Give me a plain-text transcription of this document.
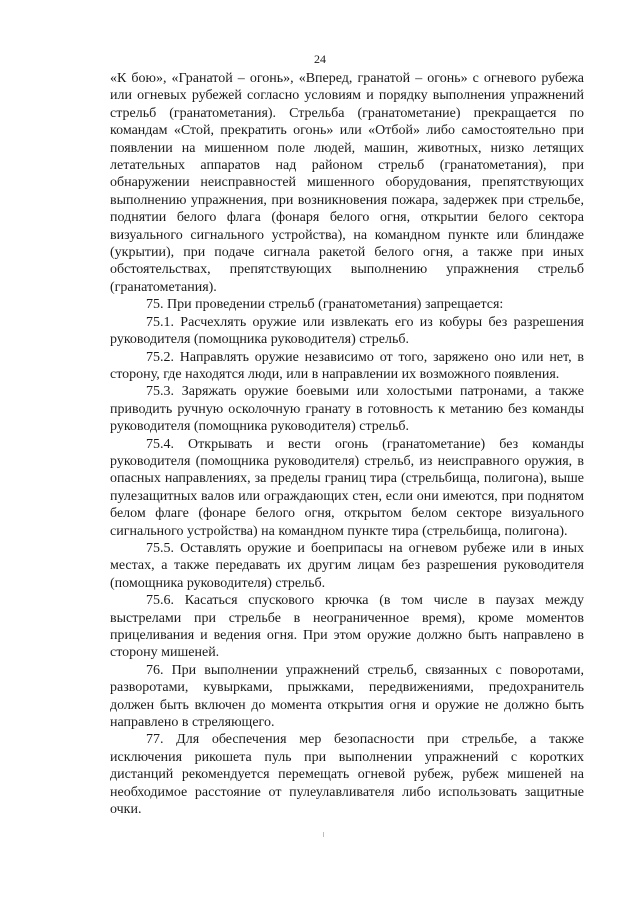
24

«К бою», «Гранатой – огонь», «Вперед, гранатой – огонь» с огневого рубежа или огневых рубежей согласно условиям и порядку выполнения упражнений стрельб (гранатометания). Стрельба (гранатометание) прекращается по командам «Стой, прекратить огонь» или «Отбой» либо самостоятельно при появлении на мишенном поле людей, машин, животных, низко летящих летательных аппаратов над районом стрельб (гранатометания), при обнаружении неисправностей мишенного оборудования, препятствующих выполнению упражнения, при возникновения пожара, задержек при стрельбе, поднятии белого флага (фонаря белого огня, открытии белого сектора визуального сигнального устройства), на командном пункте или блиндаже (укрытии), при подаче сигнала ракетой белого огня, а также при иных обстоятельствах, препятствующих выполнению упражнения стрельб (гранатометания).

75. При проведении стрельб (гранатометания) запрещается:

75.1. Расчехлять оружие или извлекать его из кобуры без разрешения руководителя (помощника руководителя) стрельб.

75.2. Направлять оружие независимо от того, заряжено оно или нет, в сторону, где находятся люди, или в направлении их возможного появления.

75.3. Заряжать оружие боевыми или холостыми патронами, а также приводить ручную осколочную гранату в готовность к метанию без команды руководителя (помощника руководителя) стрельб.

75.4. Открывать и вести огонь (гранатометание) без команды руководителя (помощника руководителя) стрельб, из неисправного оружия, в опасных направлениях, за пределы границ тира (стрельбища, полигона), выше пулезащитных валов или ограждающих стен, если они имеются, при поднятом белом флаге (фонаре белого огня, открытом белом секторе визуального сигнального устройства) на командном пункте тира (стрельбища, полигона).

75.5. Оставлять оружие и боеприпасы на огневом рубеже или в иных местах, а также передавать их другим лицам без разрешения руководителя (помощника руководителя) стрельб.

75.6. Касаться спускового крючка (в том числе в паузах между выстрелами при стрельбе в неограниченное время), кроме моментов прицеливания и ведения огня. При этом оружие должно быть направлено в сторону мишеней.

76. При выполнении упражнений стрельб, связанных с поворотами, разворотами, кувырками, прыжками, передвижениями, предохранитель должен быть включен до момента открытия огня и оружие не должно быть направлено в стреляющего.

77. Для обеспечения мер безопасности при стрельбе, а также исключения рикошета пуль при выполнении упражнений с коротких дистанций рекомендуется перемещать огневой рубеж, рубеж мишеней на необходимое расстояние от пулеулавливателя либо использовать защитные очки.
